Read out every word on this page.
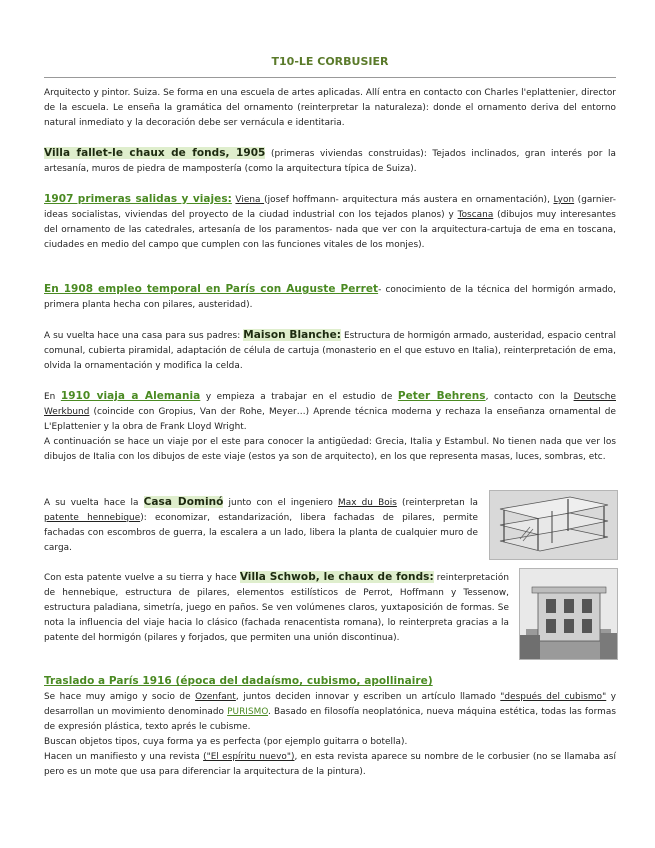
T10-LE CORBUSIER

Arquitecto y pintor. Suiza. Se forma en una escuela de artes aplicadas. Allí entra en contacto con Charles l'eplattenier, director de la escuela. Le enseña la gramática del ornamento (reinterpretar la naturaleza): donde el ornamento deriva del entorno natural inmediato y la decoración debe ser vernácula e identitaria.

Villa fallet-le chaux de fonds, 1905 (primeras viviendas construidas): Tejados inclinados, gran interés por la artesanía, muros de piedra de mampostería (como la arquitectura típica de Suiza).

1907 primeras salidas y viajes: Viena (josef hoffmann- arquitectura más austera en ornamentación), Lyon (garnier- ideas socialistas, viviendas del proyecto de la ciudad industrial con los tejados planos) y Toscana (dibujos muy interesantes del ornamento de las catedrales, artesanía de los paramentos- nada que ver con la arquitectura-cartuja de ema en toscana, ciudades en medio del campo que cumplen con las funciones vitales de los monjes).

En 1908 empleo temporal en París con Auguste Perret- conocimiento de la técnica del hormigón armado, primera planta hecha con pilares, austeridad).

A su vuelta hace una casa para sus padres: Maison Blanche: Estructura de hormigón armado, austeridad, espacio central comunal, cubierta piramidal, adaptación de célula de cartuja (monasterio en el que estuvo en Italia), reinterpretación de ema, olvida la ornamentación y modifica la celda.

En 1910 viaja a Alemania y empieza a trabajar en el estudio de Peter Behrens, contacto con la Deutsche Werkbund (coincide con Gropius, Van der Rohe, Meyer…) Aprende técnica moderna y rechaza la enseñanza ornamental de L'Eplattenier y la obra de Frank Lloyd Wright.

A continuación se hace un viaje por el este para conocer la antigüedad: Grecia, Italia y Estambul. No tienen nada que ver los dibujos de Italia con los dibujos de este viaje (estos ya son de arquitecto), en los que representa masas, luces, sombras, etc.

A su vuelta hace la Casa Dominó junto con el ingeniero Max du Bois (reinterpretan la patente hennebique): economizar, estandarización, libera fachadas de pilares, permite fachadas con escombros de guerra, la escalera a un lado, libera la planta de cualquier muro de carga.

Con esta patente vuelve a su tierra y hace Villa Schwob, le chaux de fonds: reinterpretación de hennebique, estructura de pilares, elementos estilísticos de Perrot, Hoffmann y Tessenow, estructura paladiana, simetría, juego en paños. Se ven volúmenes claros, yuxtaposición de formas. Se nota la influencia del viaje hacia lo clásico (fachada renacentista romana), lo reinterpreta gracias a la patente del hormigón (pilares y forjados, que permiten una unión discontinua).

Traslado a París 1916 (época del dadaísmo, cubismo, apollinaire)

Se hace muy amigo y socio de Ozenfant, juntos deciden innovar y escriben un artículo llamado "después del cubismo" y desarrollan un movimiento denominado PURISMO. Basado en filosofía neoplatónica, nueva máquina estética, todas las formas de expresión plástica, texto aprés le cubisme.

Buscan objetos tipos, cuya forma ya es perfecta (por ejemplo guitarra o botella).

Hacen un manifiesto y una revista ("El espíritu nuevo"), en esta revista aparece su nombre de le corbusier (no se llamaba así pero es un mote que usa para diferenciar la arquitectura de la pintura).
